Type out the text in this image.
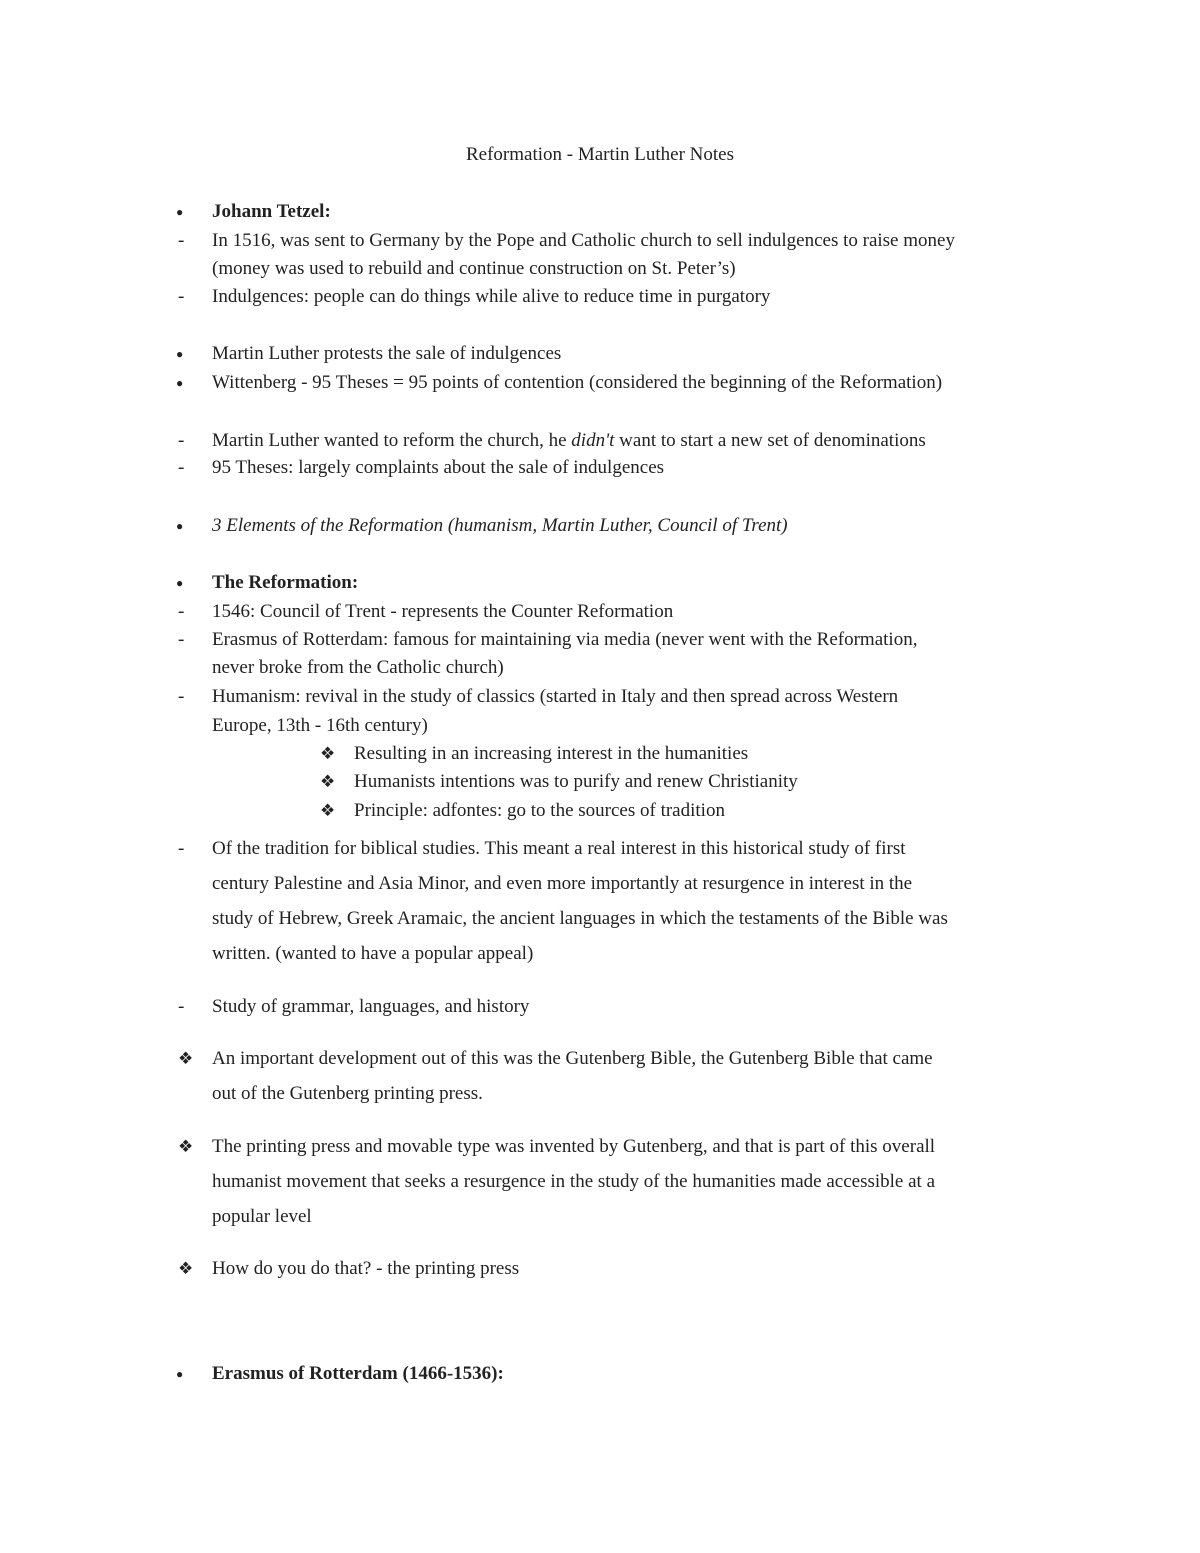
Reformation - Martin Luther Notes
● Johann Tetzel:
- In 1516, was sent to Germany by the Pope and Catholic church to sell indulgences to raise money
(money was used to rebuild and continue construction on St. Peter’s)
- Indulgences: people can do things while alive to reduce time in purgatory
● Martin Luther protests the sale of indulgences
● Wittenberg - 95 Theses = 95 points of contention (considered the beginning of the Reformation)
- Martin Luther wanted to reform the church, he didn't want to start a new set of denominations
- 95 Theses: largely complaints about the sale of indulgences
● 3 Elements of the Reformation (humanism, Martin Luther, Council of Trent)
● The Reformation:
- 1546: Council of Trent - represents the Counter Reformation
- Erasmus of Rotterdam: famous for maintaining via media (never went with the Reformation,
never broke from the Catholic church)
- Humanism: revival in the study of classics (started in Italy and then spread across Western
Europe, 13th - 16th century)
❖ Resulting in an increasing interest in the humanities
❖ Humanists intentions was to purify and renew Christianity
❖ Principle: adfontes: go to the sources of tradition
- Of the tradition for biblical studies. This meant a real interest in this historical study of first
century Palestine and Asia Minor, and even more importantly at resurgence in interest in the
study of Hebrew, Greek Aramaic, the ancient languages in which the testaments of the Bible was
written. (wanted to have a popular appeal)
- Study of grammar, languages, and history
❖ An important development out of this was the Gutenberg Bible, the Gutenberg Bible that came
out of the Gutenberg printing press.
❖ The printing press and movable type was invented by Gutenberg, and that is part of this overall
humanist movement that seeks a resurgence in the study of the humanities made accessible at a
popular level
❖ How do you do that? - the printing press
● Erasmus of Rotterdam (1466-1536):
